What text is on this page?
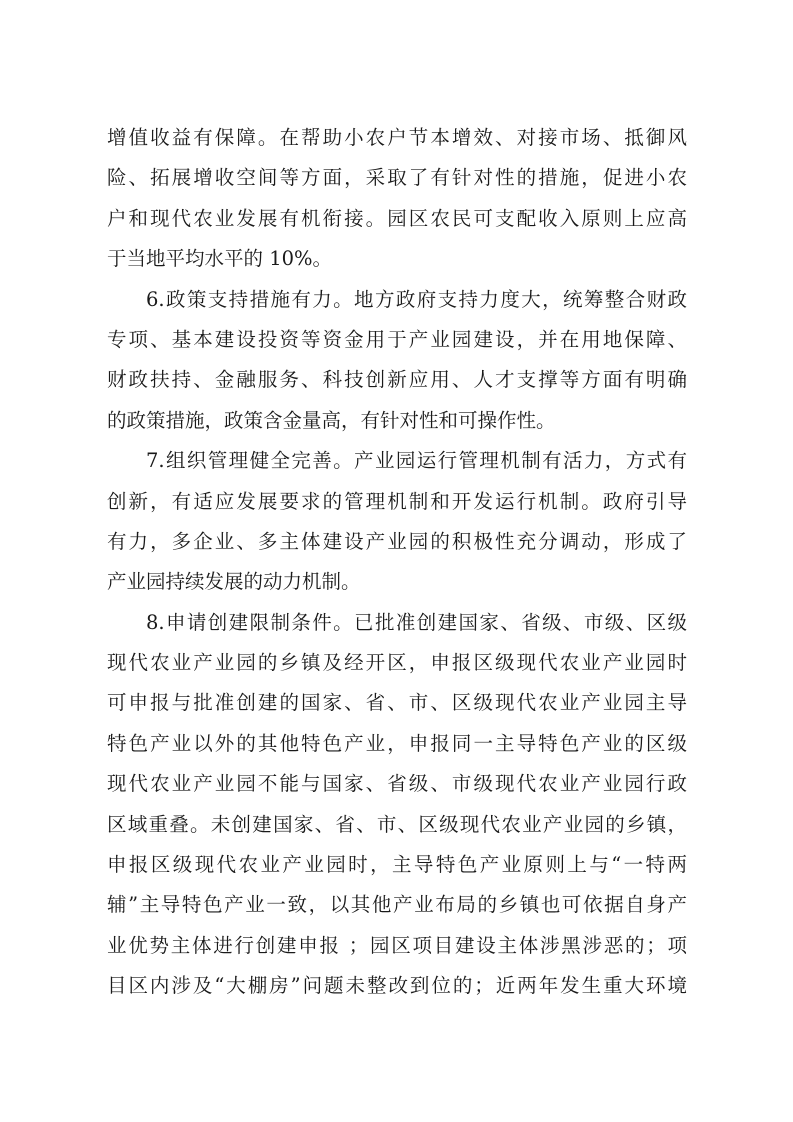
增值收益有保障。在帮助小农户节本增效、对接市场、抵御风
险、拓展增收空间等方面，采取了有针对性的措施，促进小农
户和现代农业发展有机衔接。园区农民可支配收入原则上应高
于当地平均水平的 10%。
6.政策支持措施有力。地方政府支持力度大，统筹整合财政
专项、基本建设投资等资金用于产业园建设，并在用地保障、
财政扶持、金融服务、科技创新应用、人才支撑等方面有明确
的政策措施，政策含金量高，有针对性和可操作性。
7.组织管理健全完善。产业园运行管理机制有活力，方式有
创新，有适应发展要求的管理机制和开发运行机制。政府引导
有力，多企业、多主体建设产业园的积极性充分调动，形成了
产业园持续发展的动力机制。
8.申请创建限制条件。已批准创建国家、省级、市级、区级
现代农业产业园的乡镇及经开区，申报区级现代农业产业园时
可申报与批准创建的国家、省、市、区级现代农业产业园主导
特色产业以外的其他特色产业，申报同一主导特色产业的区级
现代农业产业园不能与国家、省级、市级现代农业产业园行政
区域重叠。未创建国家、省、市、区级现代农业产业园的乡镇，
申报区级现代农业产业园时，主导特色产业原则上与“一特两
辅”主导特色产业一致，以其他产业布局的乡镇也可依据自身产
业优势主体进行创建申报 ；园区项目建设主体涉黑涉恶的；项
目区内涉及“大棚房”问题未整改到位的；近两年发生重大环境
